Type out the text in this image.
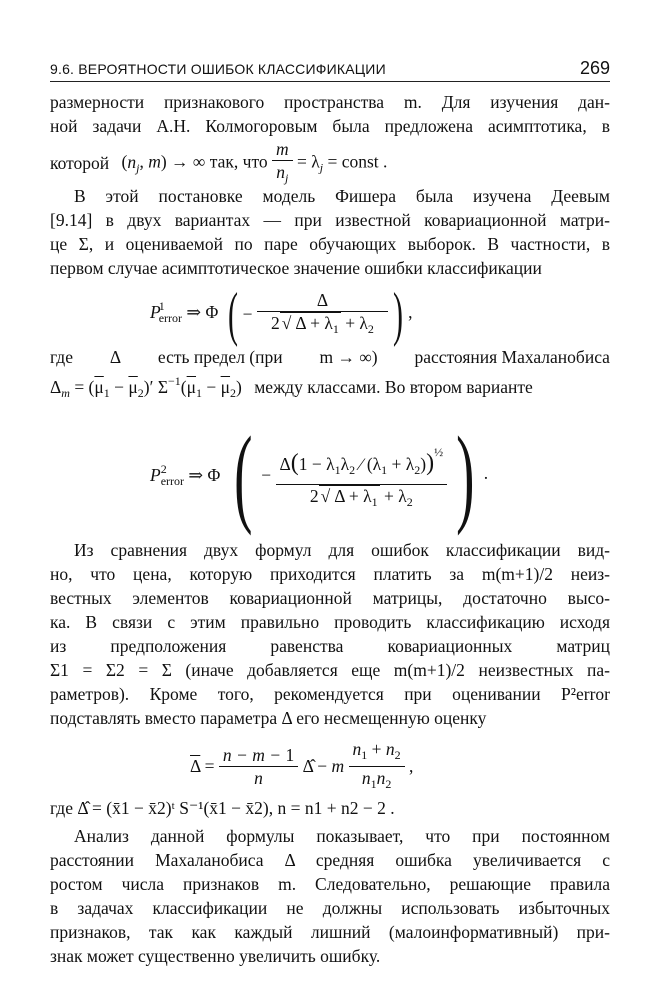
9.6. ВЕРОЯТНОСТИ ОШИБОК КЛАССИФИКАЦИИ	269
размерности признакового пространства m. Для изучения дан-
ной задачи А.Н. Колмогоровым была предложена асимптотика, в
которой ($n_j$, m) → ∞ так, что $\frac{m}{n_j} = \lambda_j$ = const .
В этой постановке модель Фишера была изучена Деевым
[9.14] в двух вариантах — при известной ковариационной матри-
це Σ, и оцениваемой по паре обучающих выборок. В частности, в
первом случае асимптотическое значение ошибки классификации
$P^1_{error}$ ⇒ Φ ( − $\frac{\Delta}{2 √ \Delta + \lambda_1 + \lambda_2}$ ) ,
где Δ есть предел (при m → ∞) расстояния Махаланобиса
$\Delta_m = (\overline{\mu}_1 - \overline{\mu}_2)'$ $\Sigma^{-1}(\overline{\mu}_1 - \overline{\mu}_2)$ между классами. Во втором варианте
$P^2_{error}$ ⇒ Φ ( − $\frac{\Delta(1 - \lambda_1\lambda_2 ∕ (\lambda_1 + \lambda_2))^{\frac{1}{2}}}{2 √ \Delta + \lambda_1 + \lambda_2}$ ) .
Из сравнения двух формул для ошибок классификации вид-
но, что цена, которую приходится платить за m(m+1)/2 неиз-
вестных элементов ковариационной матрицы, достаточно высо-
ка. В связи с этим правильно проводить классификацию исходя
из предположения равенства ковариационных матриц
Σ1 = Σ2 = Σ (иначе добавляется еще m(m+1)/2 неизвестных па-
раметров). Кроме того, рекомендуется при оценивании P²error
подставлять вместо параметра Δ его несмещенную оценку
$\overline{\Delta} = \frac{n - m - 1}{n}$ Δ̂ − m $\frac{n_1 + n_2}{n_1n_2}$ ,
где Δ̂ = (x̄1 − x̄2)ᵗ S⁻¹(x̄1 − x̄2), n = n1 + n2 − 2 .
Анализ данной формулы показывает, что при постоянном
расстоянии Махаланобиса Δ средняя ошибка увеличивается с
ростом числа признаков m. Следовательно, решающие правила
в задачах классификации не должны использовать избыточных
признаков, так как каждый лишний (малоинформативный) при-
знак может существенно увеличить ошибку.
